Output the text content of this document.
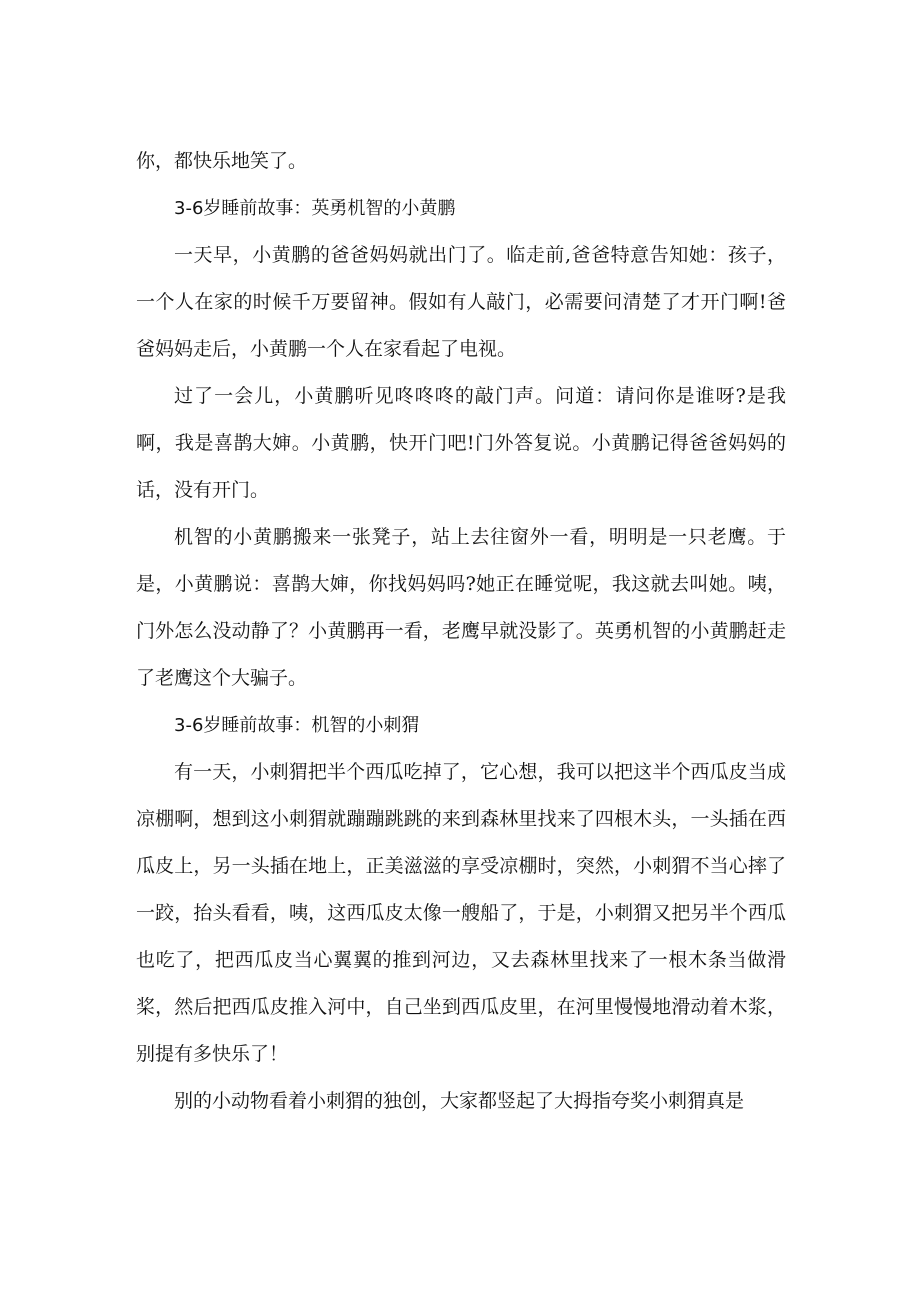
你，都快乐地笑了。

3-6岁睡前故事：英勇机智的小黄鹏

一天早，小黄鹏的爸爸妈妈就出门了。临走前,爸爸特意告知她：孩子，一个人在家的时候千万要留神。假如有人敲门，必需要问清楚了才开门啊!爸爸妈妈走后，小黄鹏一个人在家看起了电视。

过了一会儿，小黄鹏听见咚咚咚的敲门声。问道：请问你是谁呀?是我啊，我是喜鹊大婶。小黄鹏，快开门吧!门外答复说。小黄鹏记得爸爸妈妈的话，没有开门。

机智的小黄鹏搬来一张凳子，站上去往窗外一看，明明是一只老鹰。于是，小黄鹏说：喜鹊大婶，你找妈妈吗?她正在睡觉呢，我这就去叫她。咦，门外怎么没动静了？小黄鹏再一看，老鹰早就没影了。英勇机智的小黄鹏赶走了老鹰这个大骗子。

3-6岁睡前故事：机智的小刺猬

有一天，小刺猬把半个西瓜吃掉了，它心想，我可以把这半个西瓜皮当成凉棚啊，想到这小刺猬就蹦蹦跳跳的来到森林里找来了四根木头，一头插在西瓜皮上，另一头插在地上，正美滋滋的享受凉棚时，突然，小刺猬不当心摔了一跤，抬头看看，咦，这西瓜皮太像一艘船了，于是，小刺猬又把另半个西瓜也吃了，把西瓜皮当心翼翼的推到河边，又去森林里找来了一根木条当做滑桨，然后把西瓜皮推入河中，自己坐到西瓜皮里，在河里慢慢地滑动着木浆，别提有多快乐了！

别的小动物看着小刺猬的独创，大家都竖起了大拇指夸奖小刺猬真是
